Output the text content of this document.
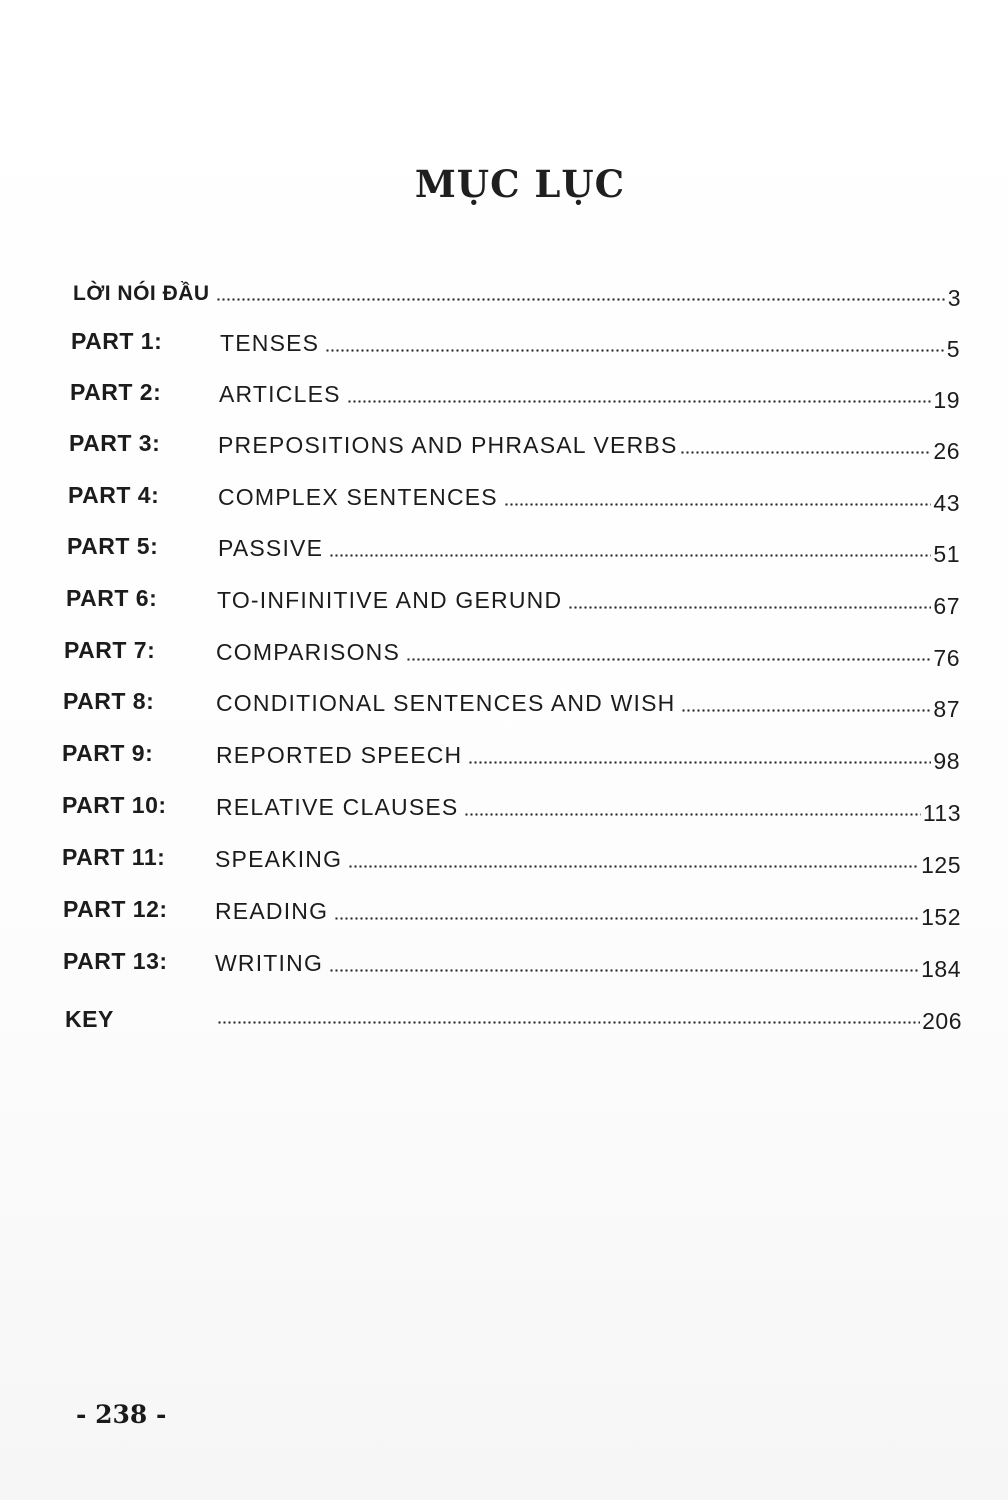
MỤC LỤC
LỜI NÓI ĐẦU	3
PART 1:	TENSES	5
PART 2:	ARTICLES	19
PART 3:	PREPOSITIONS AND PHRASAL VERBS	26
PART 4:	COMPLEX SENTENCES	43
PART 5:	PASSIVE	51
PART 6:	TO-INFINITIVE AND GERUND	67
PART 7:	COMPARISONS	76
PART 8:	CONDITIONAL SENTENCES AND WISH	87
PART 9:	REPORTED SPEECH	98
PART 10: RELATIVE CLAUSES	113
PART 11: SPEAKING	125
PART 12: READING	152
PART 13: WRITING	184
KEY	206
- 238 -
